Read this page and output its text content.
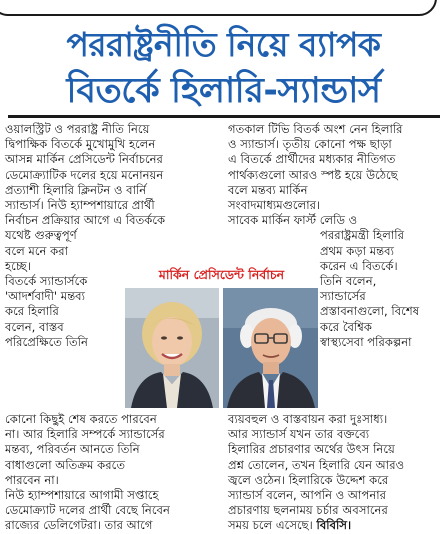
পররাষ্ট্রনীতি নিয়ে ব্যাপক
বিতর্কে হিলারি-স্যান্ডার্স
ওয়ালস্ট্রিট ও পররাষ্ট্র নীতি নিয়ে
দ্বিপাক্ষিক বিতর্কে মুখোমুখি হলেন
আসন্ন মার্কিন প্রেসিডেন্ট নির্বাচনের
ডেমোক্র্যাটিক দলের হয়ে মনোনয়ন
প্রত্যাশী হিলারি ক্লিনটন ও বার্নি
স্যান্ডার্স। নিউ হ্যাম্পশায়ারে প্রার্থী
নির্বাচন প্রক্রিয়ার আগে এ বিতর্ককে
যথেষ্ট গুরুত্বপূর্ণ
বলে মনে করা
হচ্ছে।
বিতর্কে স্যান্ডার্সকে
'আদর্শবাদী' মন্তব্য
করে হিলারি
বলেন, বাস্তব
পরিপ্রেক্ষিতে তিনি
কোনো কিছুই শেষ করতে পারবেন
না। আর হিলারি সম্পর্কে স্যান্ডার্সের
মন্তব্য, পরিবর্তন আনতে তিনি
বাধাগুলো অতিক্রম করতে
পারবেন না।
নিউ হ্যাম্পশায়ারে আগামী সপ্তাহে
ডেমোক্র্যাট দলের প্রার্থী বেছে নিবেন
রাজ্যের ডেলিগেটরা। তার আগে
গতকাল টিভি বিতর্ক অংশ নেন হিলারি
ও স্যান্ডার্স। তৃতীয় কোনো পক্ষ ছাড়া
এ বিতর্কে প্রার্থীদের মধ্যকার নীতিগত
পার্থক্যগুলো আরও স্পষ্ট হয়ে উঠেছে
বলে মন্তব্য মার্কিন
সংবাদমাধ্যমগুলোর।
সাবেক মার্কিন ফার্স্ট লেডি ও
পররাষ্ট্রমন্ত্রী হিলারি
প্রথম কড়া মন্তব্য
করেন এ বিতর্কে।
তিনি বলেন,
স্যান্ডার্সের
প্রস্তাবনাগুলো, বিশেষ
করে বৈশ্বিক
স্বাস্থ্যসেবা পরিকল্পনা
ব্যয়বহুল ও বাস্তবায়ন করা দুঃসাধ্য।
আর স্যান্ডার্স যখন তার বক্তব্যে
হিলারির প্রচারণার অর্থের উৎস নিয়ে
প্রশ্ন তোলেন, তখন হিলারি যেন আরও
জ্বলে ওঠেন। হিলারিকে উদ্দেশ করে
স্যান্ডার্স বলেন, আপনি ও আপনার
প্রচারণায় ছলনাময় চর্চার অবসানের
সময় চলে এসেছে। বিবিসি।
মার্কিন প্রেসিডেন্ট নির্বাচন
